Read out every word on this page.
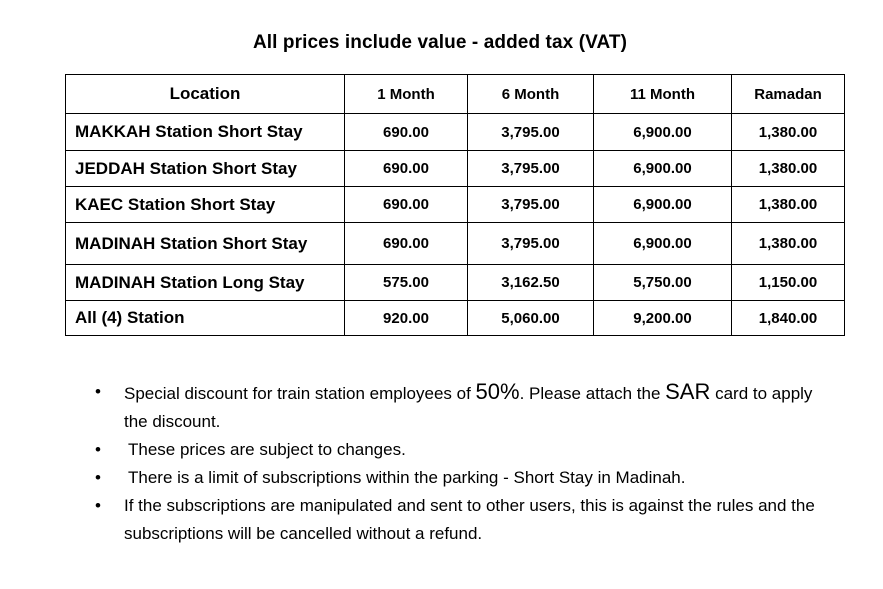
All prices include value - added tax (VAT)
Location	1 Month	6 Month	11 Month	Ramadan
MAKKAH Station Short Stay	690.00	3,795.00	6,900.00	1,380.00
JEDDAH Station Short Stay	690.00	3,795.00	6,900.00	1,380.00
KAEC Station Short Stay	690.00	3,795.00	6,900.00	1,380.00
MADINAH Station Short Stay	690.00	3,795.00	6,900.00	1,380.00
MADINAH Station Long Stay	575.00	3,162.50	5,750.00	1,150.00
All (4) Station	920.00	5,060.00	9,200.00	1,840.00
• Special discount for train station employees of 50%. Please attach the SAR card to apply the discount.
• These prices are subject to changes.
• There is a limit of subscriptions within the parking - Short Stay in Madinah.
• If the subscriptions are manipulated and sent to other users, this is against the rules and the subscriptions will be cancelled without a refund.
